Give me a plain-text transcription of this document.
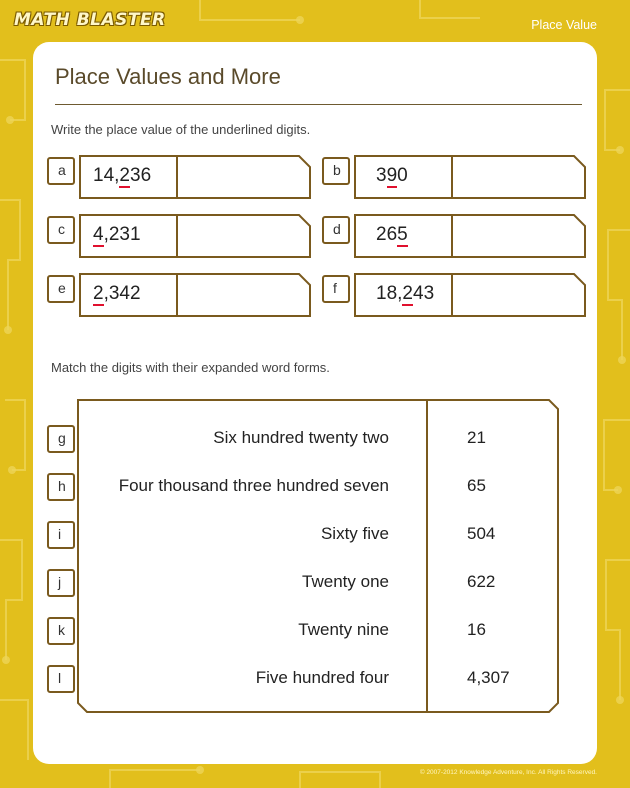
MATH BLASTER	Place Value
Place Values and More
Write the place value of the underlined digits.
a	14,236	b	390
c	4,231	d	265
e	2,342	f	18,243
Match the digits with their expanded word forms.
g	Six hundred twenty two	21
h	Four thousand three hundred seven	65
i	Sixty five	504
j	Twenty one	622
k	Twenty nine	16
l	Five hundred four	4,307
© 2007-2012 Knowledge Adventure, Inc. All Rights Reserved.
